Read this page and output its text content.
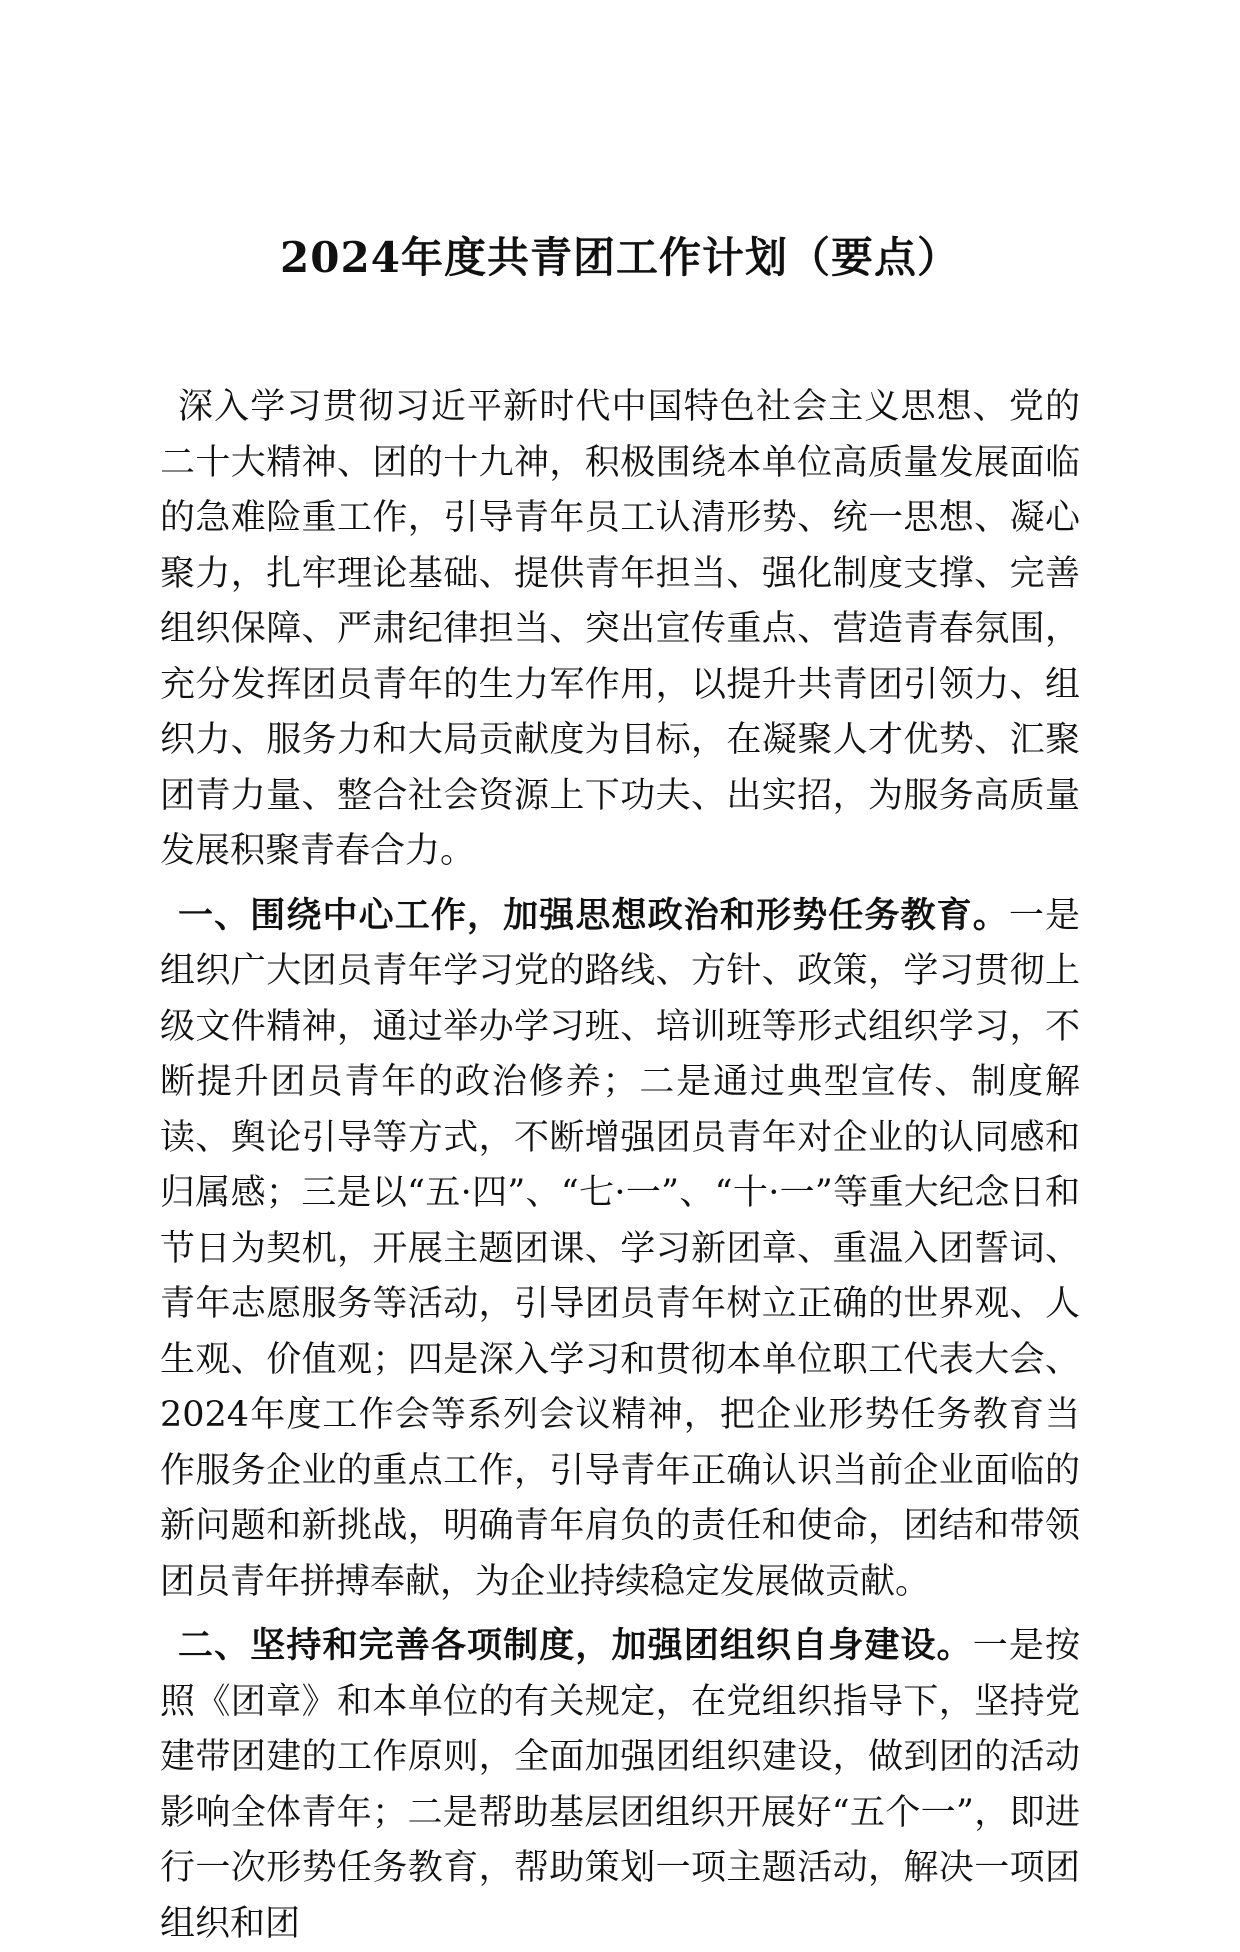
2024年度共青团工作计划（要点）

深入学习贯彻习近平新时代中国特色社会主义思想、党的二十大精神、团的十九神，积极围绕本单位高质量发展面临的急难险重工作，引导青年员工认清形势、统一思想、凝心聚力，扎牢理论基础、提供青年担当、强化制度支撑、完善组织保障、严肃纪律担当、突出宣传重点、营造青春氛围，充分发挥团员青年的生力军作用，以提升共青团引领力、组织力、服务力和大局贡献度为目标，在凝聚人才优势、汇聚团青力量、整合社会资源上下功夫、出实招，为服务高质量发展积聚青春合力。

一、围绕中心工作，加强思想政治和形势任务教育。一是组织广大团员青年学习党的路线、方针、政策，学习贯彻上级文件精神，通过举办学习班、培训班等形式组织学习，不断提升团员青年的政治修养；二是通过典型宣传、制度解读、舆论引导等方式，不断增强团员青年对企业的认同感和归属感；三是以“五·四”、“七·一”、“十·一”等重大纪念日和节日为契机，开展主题团课、学习新团章、重温入团誓词、青年志愿服务等活动，引导团员青年树立正确的世界观、人生观、价值观；四是深入学习和贯彻本单位职工代表大会、2024年度工作会等系列会议精神，把企业形势任务教育当作服务企业的重点工作，引导青年正确认识当前企业面临的新问题和新挑战，明确青年肩负的责任和使命，团结和带领团员青年拼搏奉献，为企业持续稳定发展做贡献。

二、坚持和完善各项制度，加强团组织自身建设。一是按照《团章》和本单位的有关规定，在党组织指导下，坚持党建带团建的工作原则，全面加强团组织建设，做到团的活动影响全体青年；二是帮助基层团组织开展好“五个一”，即进行一次形势任务教育，帮助策划一项主题活动，解决一项团组织和团
